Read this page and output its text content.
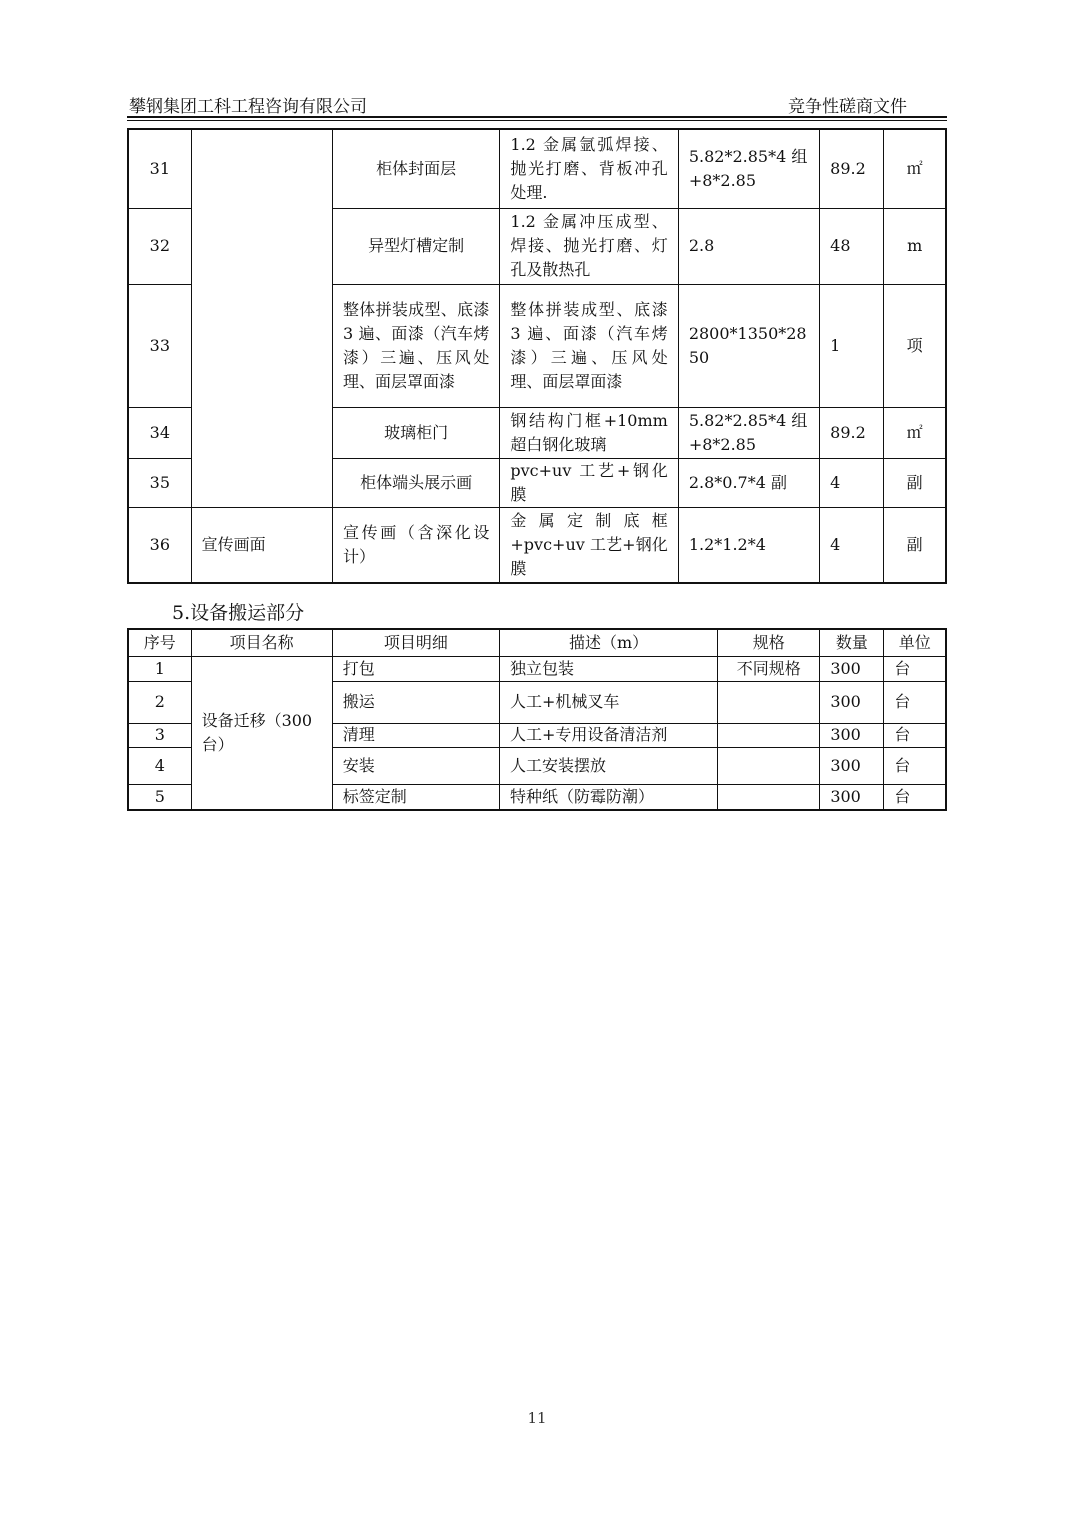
攀钢集团工科工程咨询有限公司	竞争性磋商文件
31		柜体封面层	1.2 金属氩弧焊接、抛光打磨、背板冲孔处理.	5.82*2.85*4 组+8*2.85	89.2	㎡
32		异型灯槽定制	1.2 金属冲压成型、焊接、抛光打磨、灯孔及散热孔	2.8	48	m
33		整体拼装成型、底漆 3 遍、面漆（汽车烤漆）三遍、压风处理、面层罩面漆	整体拼装成型、底漆 3 遍、面漆（汽车烤漆）三遍、压风处理、面层罩面漆	2800*1350*2850	1	项
34		玻璃柜门	钢结构门框+10mm 超白钢化玻璃	5.82*2.85*4 组+8*2.85	89.2	㎡
35		柜体端头展示画	pvc+uv 工艺+钢化膜	2.8*0.7*4 副	4	副
36	宣传画面	宣传画（含深化设计）	金属定制底框+pvc+uv 工艺+钢化膜	1.2*1.2*4	4	副
5.设备搬运部分
序号	项目名称	项目明细	描述（m）	规格	数量	单位
1	设备迁移（300 台）	打包	独立包装	不同规格	300	台
2		搬运	人工+机械叉车		300	台
3		清理	人工+专用设备清洁剂		300	台
4		安装	人工安装摆放		300	台
5		标签定制	特种纸（防霉防潮）		300	台
11
